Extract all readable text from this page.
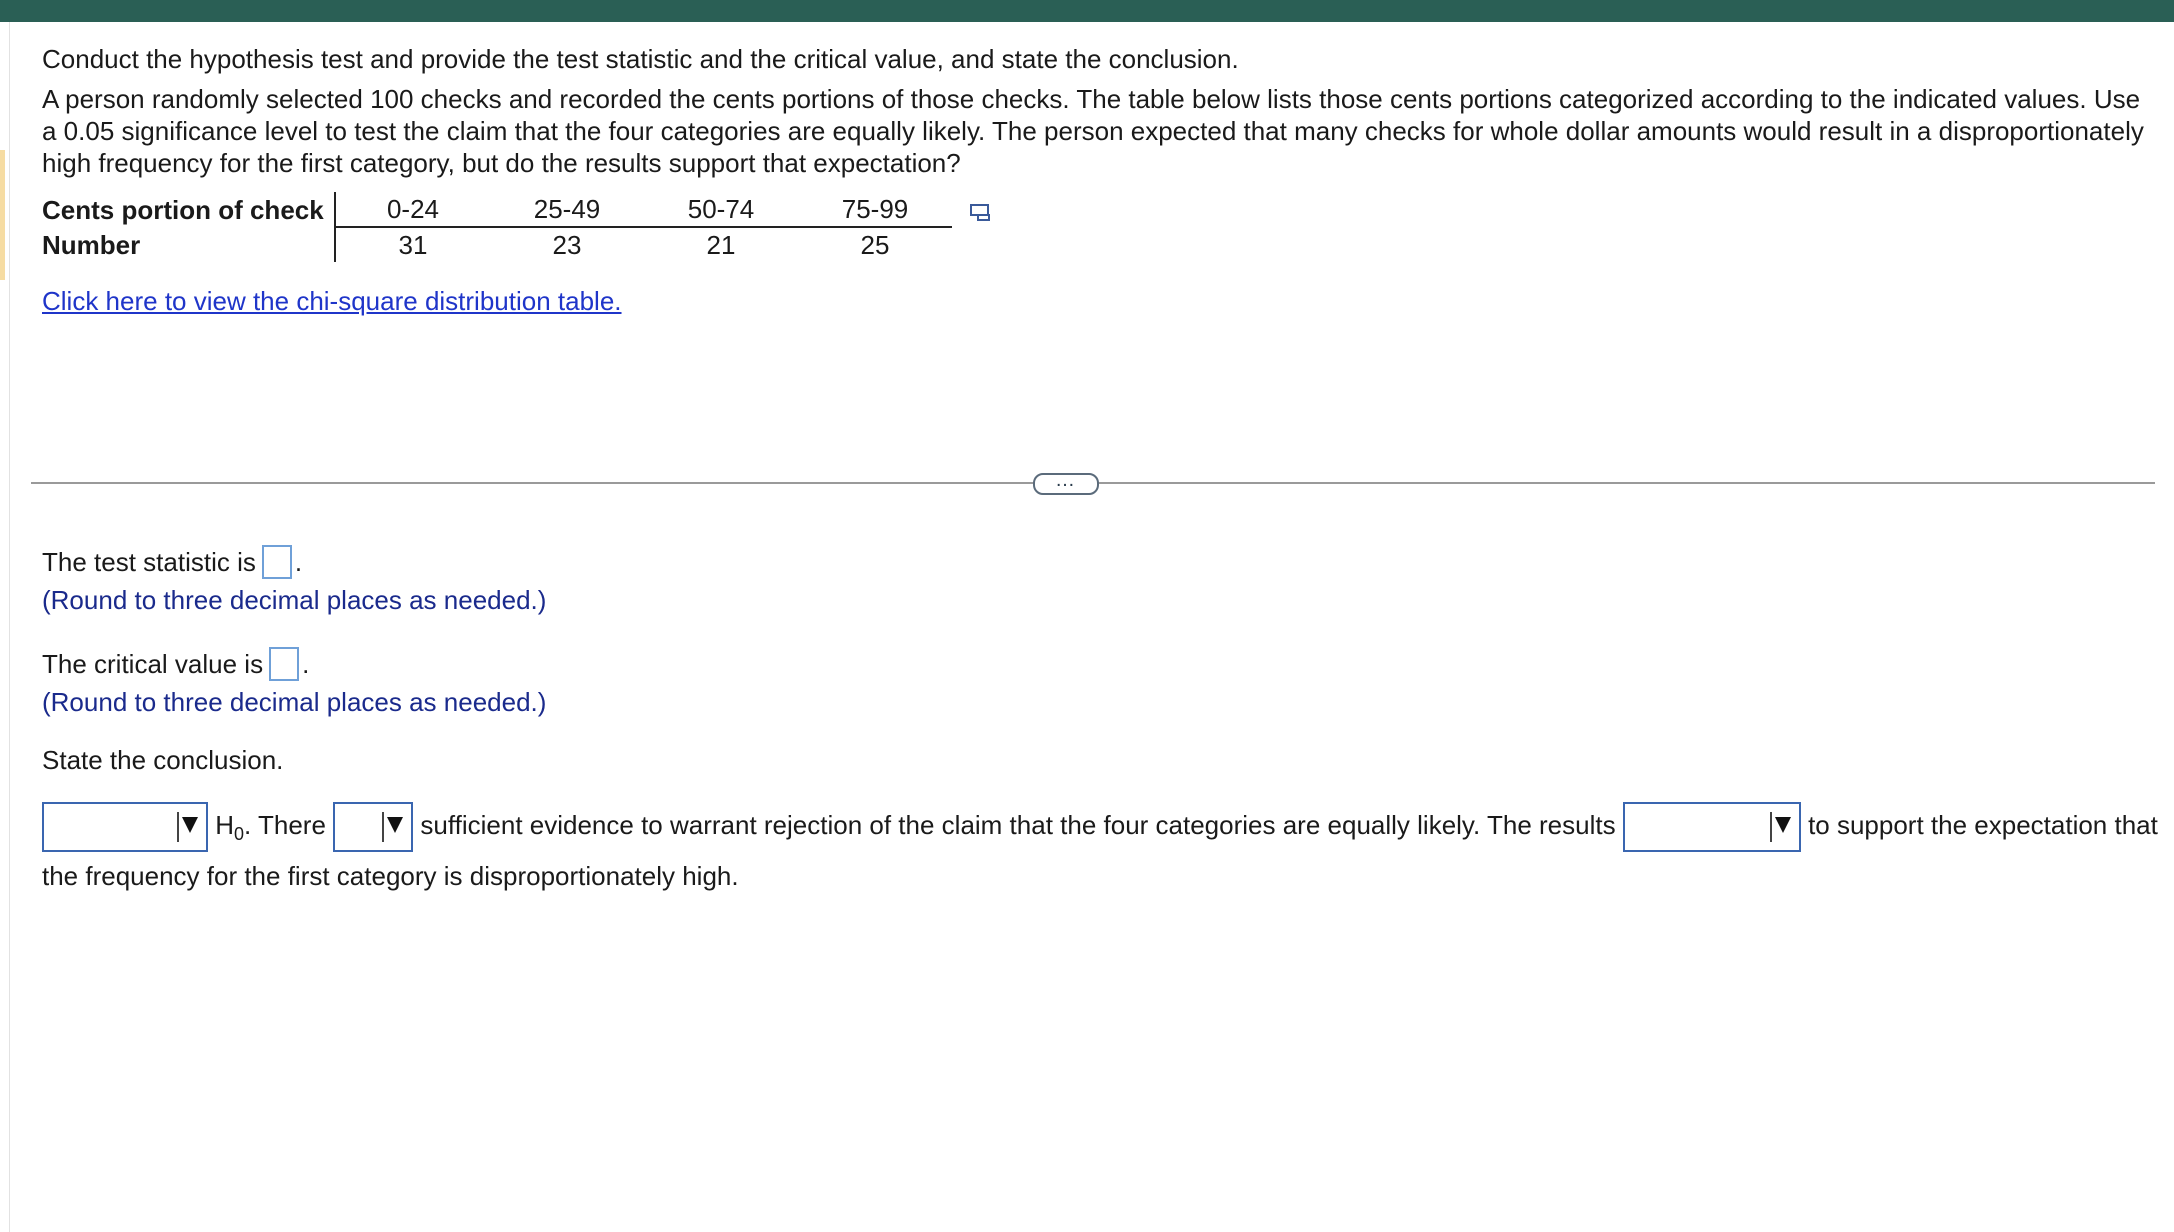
Conduct the hypothesis test and provide the test statistic and the critical value, and state the conclusion.

A person randomly selected 100 checks and recorded the cents portions of those checks. The table below lists those cents portions categorized according to the indicated values. Use a 0.05 significance level to test the claim that the four categories are equally likely. The person expected that many checks for whole dollar amounts would result in a disproportionately high frequency for the first category, but do the results support that expectation?

Cents portion of check	0-24	25-49	50-74	75-99
Number	31	23	21	25
Click here to view the chi-square distribution table.
…
The test statistic is .
(Round to three decimal places as needed.)
The critical value is .
(Round to three decimal places as needed.)
State the conclusion.
$H_0$. There	sufficient evidence to warrant rejection of the claim that the four categories are equally likely. The results	to support the expectation that the frequency for the first category is disproportionately high.
